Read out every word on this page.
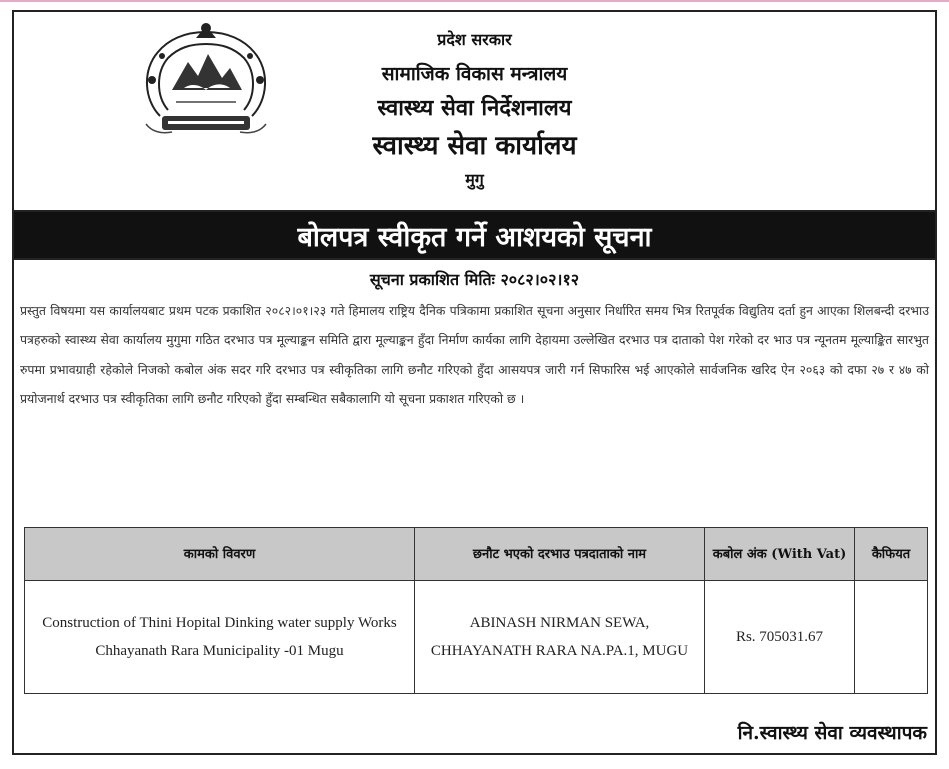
प्रदेश सरकार
सामाजिक विकास मन्त्रालय
स्वास्थ्य सेवा निर्देशनालय
स्वास्थ्य सेवा कार्यालय
मुगु
बोलपत्र स्वीकृत गर्ने आशयको सूचना
सूचना प्रकाशित मितिः २०८२।०२।१२

प्रस्तुत विषयमा यस कार्यालयबाट प्रथम पटक प्रकाशित २०८२।०१।२३ गते हिमालय राष्ट्रिय दैनिक पत्रिकामा प्रकाशित सूचना अनुसार निर्धारित समय भित्र रितपूर्वक विद्युतिय दर्ता हुन आएका शिलबन्दी दरभाउ पत्रहरुको स्वास्थ्य सेवा कार्यालय मुगुमा गठित दरभाउ पत्र मूल्याङ्कन समिति द्वारा मूल्याङ्कन हुँदा निर्माण कार्यका लागि देहायमा उल्लेखित दरभाउ पत्र दाताको पेश गरेको दर भाउ पत्र न्यूनतम मूल्याङ्कित सारभुत रुपमा प्रभावग्राही रहेकोले निजको कबोल अंक सदर गरि दरभाउ पत्र स्वीकृतिका लागि छनौट गरिएको हुँदा आसयपत्र जारी गर्न सिफारिस भई आएकोले सार्वजनिक खरिद ऐन २०६३ को दफा २७ र ४७ को प्रयोजनार्थ दरभाउ पत्र स्वीकृतिका लागि छनौट गरिएको हुँदा सम्बन्धित सबैकालागि यो सूचना प्रकाशत गरिएको छ ।

कामको विवरण	छनौट भएको दरभाउ पत्रदाताको नाम	कबोल अंक (With Vat)	कैफियत
Construction of Thini Hopital Dinking water supply Works Chhayanath Rara Municipality -01 Mugu	ABINASH NIRMAN SEWA, CHHAYANATH RARA NA.PA.1, MUGU	Rs. 705031.67	
नि.स्वास्थ्य सेवा व्यवस्थापक
